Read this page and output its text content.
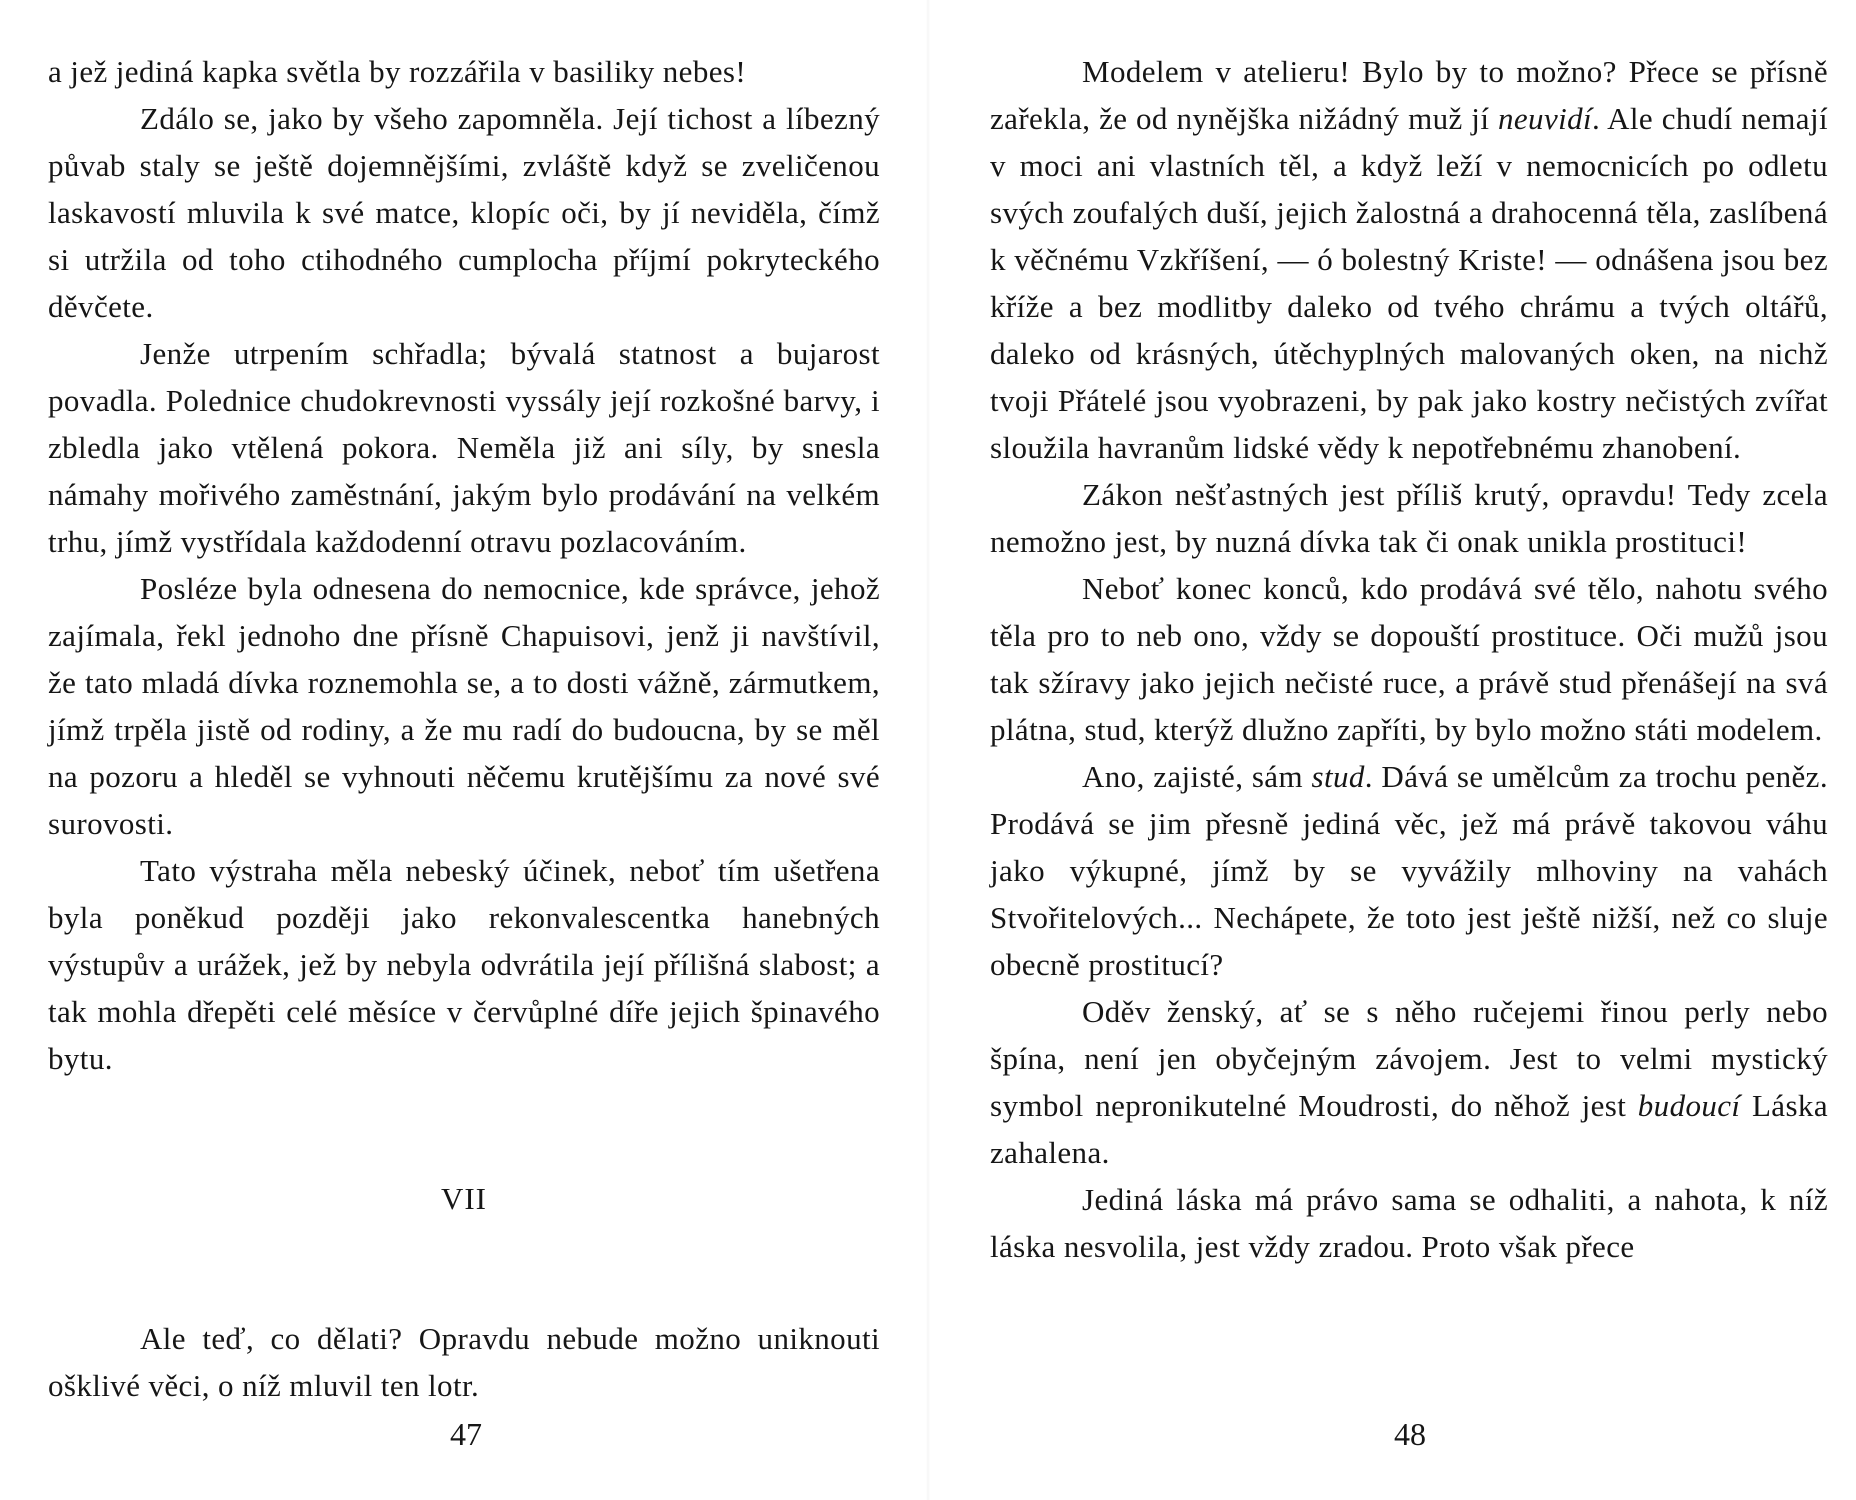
a jež jediná kapka světla by rozzářila v basiliky nebes!

Zdálo se, jako by všeho zapomněla. Její tichost a líbezný půvab staly se ještě dojemnějšími, zvláště když se zveličenou laskavostí mluvila k své matce, klopíc oči, by jí neviděla, čímž si utržila od toho ctihodného cumplocha příjmí pokryteckého děvčete.

Jenže utrpením schřadla; bývalá statnost a bujarost povadla. Polednice chudokrevnosti vyssály její rozkošné barvy, i zbledla jako vtělená pokora. Neměla již ani síly, by snesla námahy mořivého zaměstnání, jakým bylo prodávání na velkém trhu, jímž vystřídala každodenní otravu pozlacováním.

Posléze byla odnesena do nemocnice, kde správce, jehož zajímala, řekl jednoho dne přísně Chapuisovi, jenž ji navštívil, že tato mladá dívka roznemohla se, a to dosti vážně, zármutkem, jímž trpěla jistě od rodiny, a že mu radí do budoucna, by se měl na pozoru a hleděl se vyhnouti něčemu krutějšímu za nové své surovosti.

Tato výstraha měla nebeský účinek, neboť tím ušetřena byla poněkud později jako rekonvalescentka hanebných výstupův a urážek, jež by nebyla odvrátila její přílišná slabost; a tak mohla dřepěti celé měsíce v červůplné díře jejich špinavého bytu.

VII

Ale teď, co dělati? Opravdu nebude možno uniknouti ošklivé věci, o níž mluvil ten lotr.

47

Modelem v atelieru! Bylo by to možno? Přece se přísně zařekla, že od nynějška nižádný muž jí neuvidí. Ale chudí nemají v moci ani vlastních těl, a když leží v nemocnicích po odletu svých zoufalých duší, jejich žalostná a drahocenná těla, zaslíbená k věčnému Vzkříšení, — ó bolestný Kriste! — odnášena jsou bez kříže a bez modlitby daleko od tvého chrámu a tvých oltářů, daleko od krásných, útěchyplných malovaných oken, na nichž tvoji Přátelé jsou vyobrazeni, by pak jako kostry nečistých zvířat sloužila havranům lidské vědy k nepotřebnému zhanobení.

Zákon nešťastných jest příliš krutý, opravdu! Tedy zcela nemožno jest, by nuzná dívka tak či onak unikla prostituci!

Neboť konec konců, kdo prodává své tělo, nahotu svého těla pro to neb ono, vždy se dopouští prostituce. Oči mužů jsou tak sžíravy jako jejich nečisté ruce, a právě stud přenášejí na svá plátna, stud, kterýž dlužno zapříti, by bylo možno státi modelem.

Ano, zajisté, sám stud. Dává se umělcům za trochu peněz. Prodává se jim přesně jediná věc, jež má právě takovou váhu jako výkupné, jímž by se vyvážily mlhoviny na vahách Stvořitelových... Nechápete, že toto jest ještě nižší, než co sluje obecně prostitucí?

Oděv ženský, ať se s něho ručejemi řinou perly nebo špína, není jen obyčejným závojem. Jest to velmi mystický symbol nepronikutelné Moudrosti, do něhož jest budoucí Láska zahalena.

Jediná láska má právo sama se odhaliti, a nahota, k níž láska nesvolila, jest vždy zradou. Proto však přece

48
